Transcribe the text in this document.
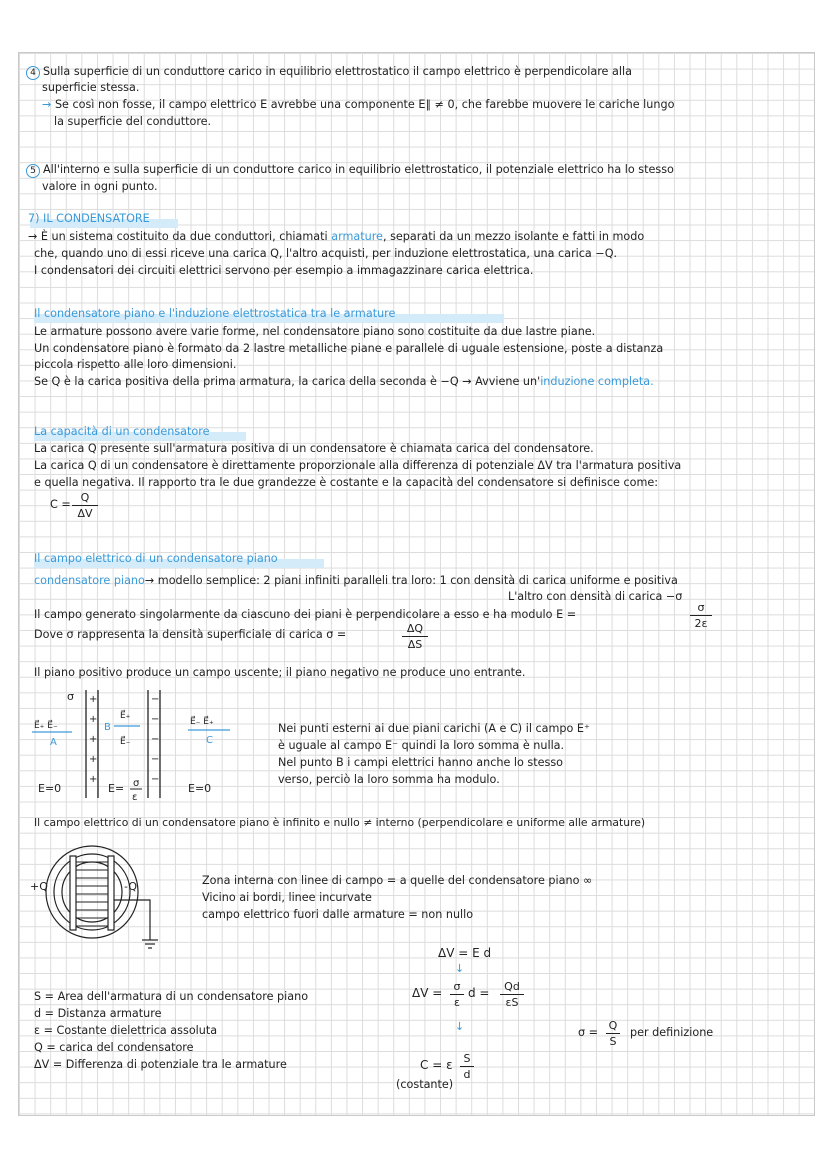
4 Sulla superficie di un conduttore carico in equilibrio elettrostatico il campo elettrico è perpendicolare alla
superficie stessa.
→ Se così non fosse, il campo elettrico E avrebbe una componente E∥ ≠ 0, che farebbe muovere le cariche lungo
la superficie del conduttore.
5 All'interno e sulla superficie di un conduttore carico in equilibrio elettrostatico, il potenziale elettrico ha lo stesso
valore in ogni punto.
7) IL CONDENSATORE
→ È un sistema costituito da due conduttori, chiamati armature, separati da un mezzo isolante e fatti in modo
che, quando uno di essi riceve una carica Q, l'altro acquisti, per induzione elettrostatica, una carica −Q.
I condensatori dei circuiti elettrici servono per esempio a immagazzinare carica elettrica.
Il condensatore piano e l'induzione elettrostatica tra le armature
Le armature possono avere varie forme, nel condensatore piano sono costituite da due lastre piane.
Un condensatore piano è formato da 2 lastre metalliche piane e parallele di uguale estensione, poste a distanza
piccola rispetto alle loro dimensioni.
Se Q è la carica positiva della prima armatura, la carica della seconda è −Q → Avviene un'induzione completa.
La capacità di un condensatore
La carica Q presente sull'armatura positiva di un condensatore è chiamata carica del condensatore.
La carica Q di un condensatore è direttamente proporzionale alla differenza di potenziale ΔV tra l'armatura positiva
e quella negativa. Il rapporto tra le due grandezze è costante e la capacità del condensatore si definisce come:
C =
Q
ΔV
Il campo elettrico di un condensatore piano
condensatore piano→ modello semplice: 2 piani infiniti paralleli tra loro: 1 con densità di carica uniforme e positiva
L'altro con densità di carica −σ
Il campo generato singolarmente da ciascuno dei piani è perpendicolare a esso e ha modulo E =
σ
2ε
Dove σ rappresenta la densità superficiale di carica σ =	ΔQ
ΔS
Il piano positivo produce un campo uscente; il piano negativo ne produce uno entrante.
σ +
+
+
+
+
−
−
−
−
−
E⃗₊ E⃗₋
A
B
E⃗₊
E⃗₋
E⃗₋ E⃗₊
C
E=0	E= σ
ε
E=0
Nei punti esterni ai due piani carichi (A e C) il campo E⁺
è uguale al campo E⁻ quindi la loro somma è nulla.
Nel punto B i campi elettrici hanno anche lo stesso
verso, perciò la loro somma ha modulo.
Il campo elettrico di un condensatore piano è infinito e nullo ≠ interno (perpendicolare e uniforme alle armature)
+Q	-Q	Zona interna con linee di campo = a quelle del condensatore piano ∞
Vicino ai bordi, linee incurvate
campo elettrico fuori dalle armature = non nullo
ΔV = E d
↓
ΔV =	σ
ε
d =	Qd
εS
↓
C = ε S
d
(costante)
σ =
Q
S
per definizione
S = Area dell'armatura di un condensatore piano
d = Distanza armature
ε = Costante dielettrica assoluta
Q = carica del condensatore
ΔV = Differenza di potenziale tra le armature
